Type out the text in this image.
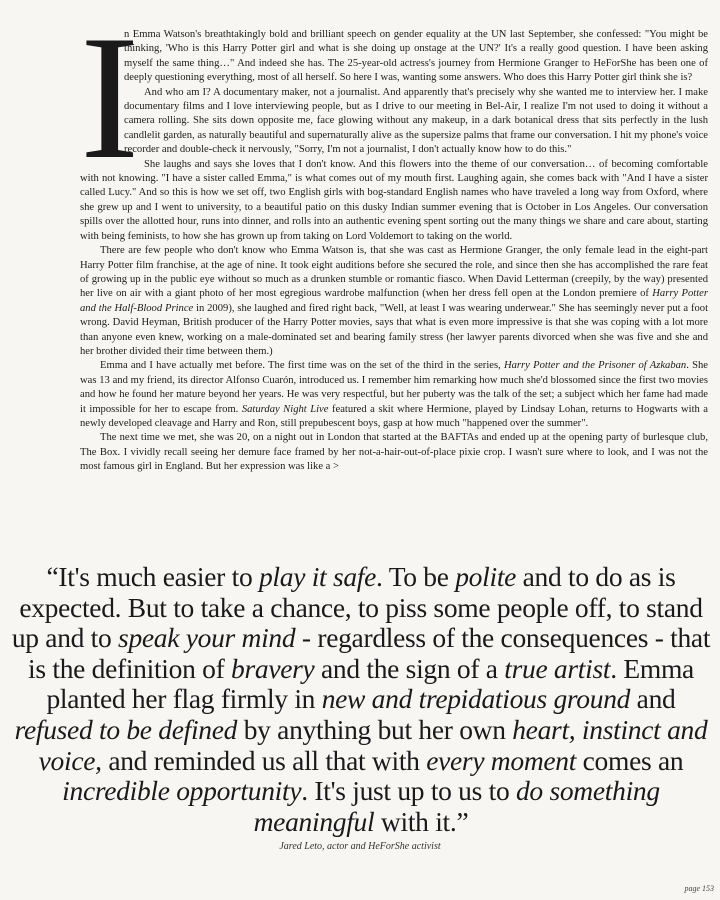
I

n Emma Watson's breathtakingly bold and brilliant speech on gender equality at the UN last September, she confessed: "You might be thinking, 'Who is this Harry Potter girl and what is she doing up onstage at the UN?' It's a really good question. I have been asking myself the same thing…" And indeed she has. The 25-year-old actress's journey from Hermione Granger to HeForShe has been one of deeply questioning everything, most of all herself. So here I was, wanting some answers. Who does this Harry Potter girl think she is?

And who am I? A documentary maker, not a journalist. And apparently that's precisely why she wanted me to interview her. I make documentary films and I love interviewing people, but as I drive to our meeting in Bel-Air, I realize I'm not used to doing it without a camera rolling. She sits down opposite me, face glowing without any makeup, in a dark botanical dress that sits perfectly in the lush candlelit garden, as naturally beautiful and supernaturally alive as the supersize palms that frame our conversation. I hit my phone's voice recorder and double-check it nervously, "Sorry, I'm not a journalist, I don't actually know how to do this."

She laughs and says she loves that I don't know. And this flowers into the theme of our conversation… of becoming comfortable with not knowing. "I have a sister called Emma," is what comes out of my mouth first. Laughing again, she comes back with "And I have a sister called Lucy." And so this is how we set off, two English girls with bog-standard English names who have traveled a long way from Oxford, where she grew up and I went to university, to a beautiful patio on this dusky Indian summer evening that is October in Los Angeles. Our conversation spills over the allotted hour, runs into dinner, and rolls into an authentic evening spent sorting out the many things we share and care about, starting with being feminists, to how she has grown up from taking on Lord Voldemort to taking on the world.

There are few people who don't know who Emma Watson is, that she was cast as Hermione Granger, the only female lead in the eight-part Harry Potter film franchise, at the age of nine. It took eight auditions before she secured the role, and since then she has accomplished the rare feat of growing up in the public eye without so much as a drunken stumble or romantic fiasco. When David Letterman (creepily, by the way) presented her live on air with a giant photo of her most egregious wardrobe malfunction (when her dress fell open at the London premiere of Harry Potter and the Half-Blood Prince in 2009), she laughed and fired right back, "Well, at least I was wearing underwear." She has seemingly never put a foot wrong. David Heyman, British producer of the Harry Potter movies, says that what is even more impressive is that she was coping with a lot more than anyone even knew, working on a male-dominated set and bearing family stress (her lawyer parents divorced when she was five and she and her brother divided their time between them.)

Emma and I have actually met before. The first time was on the set of the third in the series, Harry Potter and the Prisoner of Azkaban. She was 13 and my friend, its director Alfonso Cuarón, introduced us. I remember him remarking how much she'd blossomed since the first two movies and how he found her mature beyond her years. He was very respectful, but her puberty was the talk of the set; a subject which her fame had made it impossible for her to escape from. Saturday Night Live featured a skit where Hermione, played by Lindsay Lohan, returns to Hogwarts with a newly developed cleavage and Harry and Ron, still prepubescent boys, gasp at how much "happened over the summer".

The next time we met, she was 20, on a night out in London that started at the BAFTAs and ended up at the opening party of burlesque club, The Box. I vividly recall seeing her demure face framed by her not-a-hair-out-of-place pixie crop. I wasn't sure where to look, and I was not the most famous girl in England. But her expression was like a >

“It's much easier to play it safe. To be polite and to do as is expected. But to take a chance, to piss some people off, to stand up and to speak your mind - regardless of the consequences - that is the definition of bravery and the sign of a true artist. Emma planted her flag firmly in new and trepidatious ground and refused to be defined by anything but her own heart, instinct and voice, and reminded us all that with every moment comes an incredible opportunity. It's just up to us to do something meaningful with it.”
Jared Leto, actor and HeForShe activist
page 153
